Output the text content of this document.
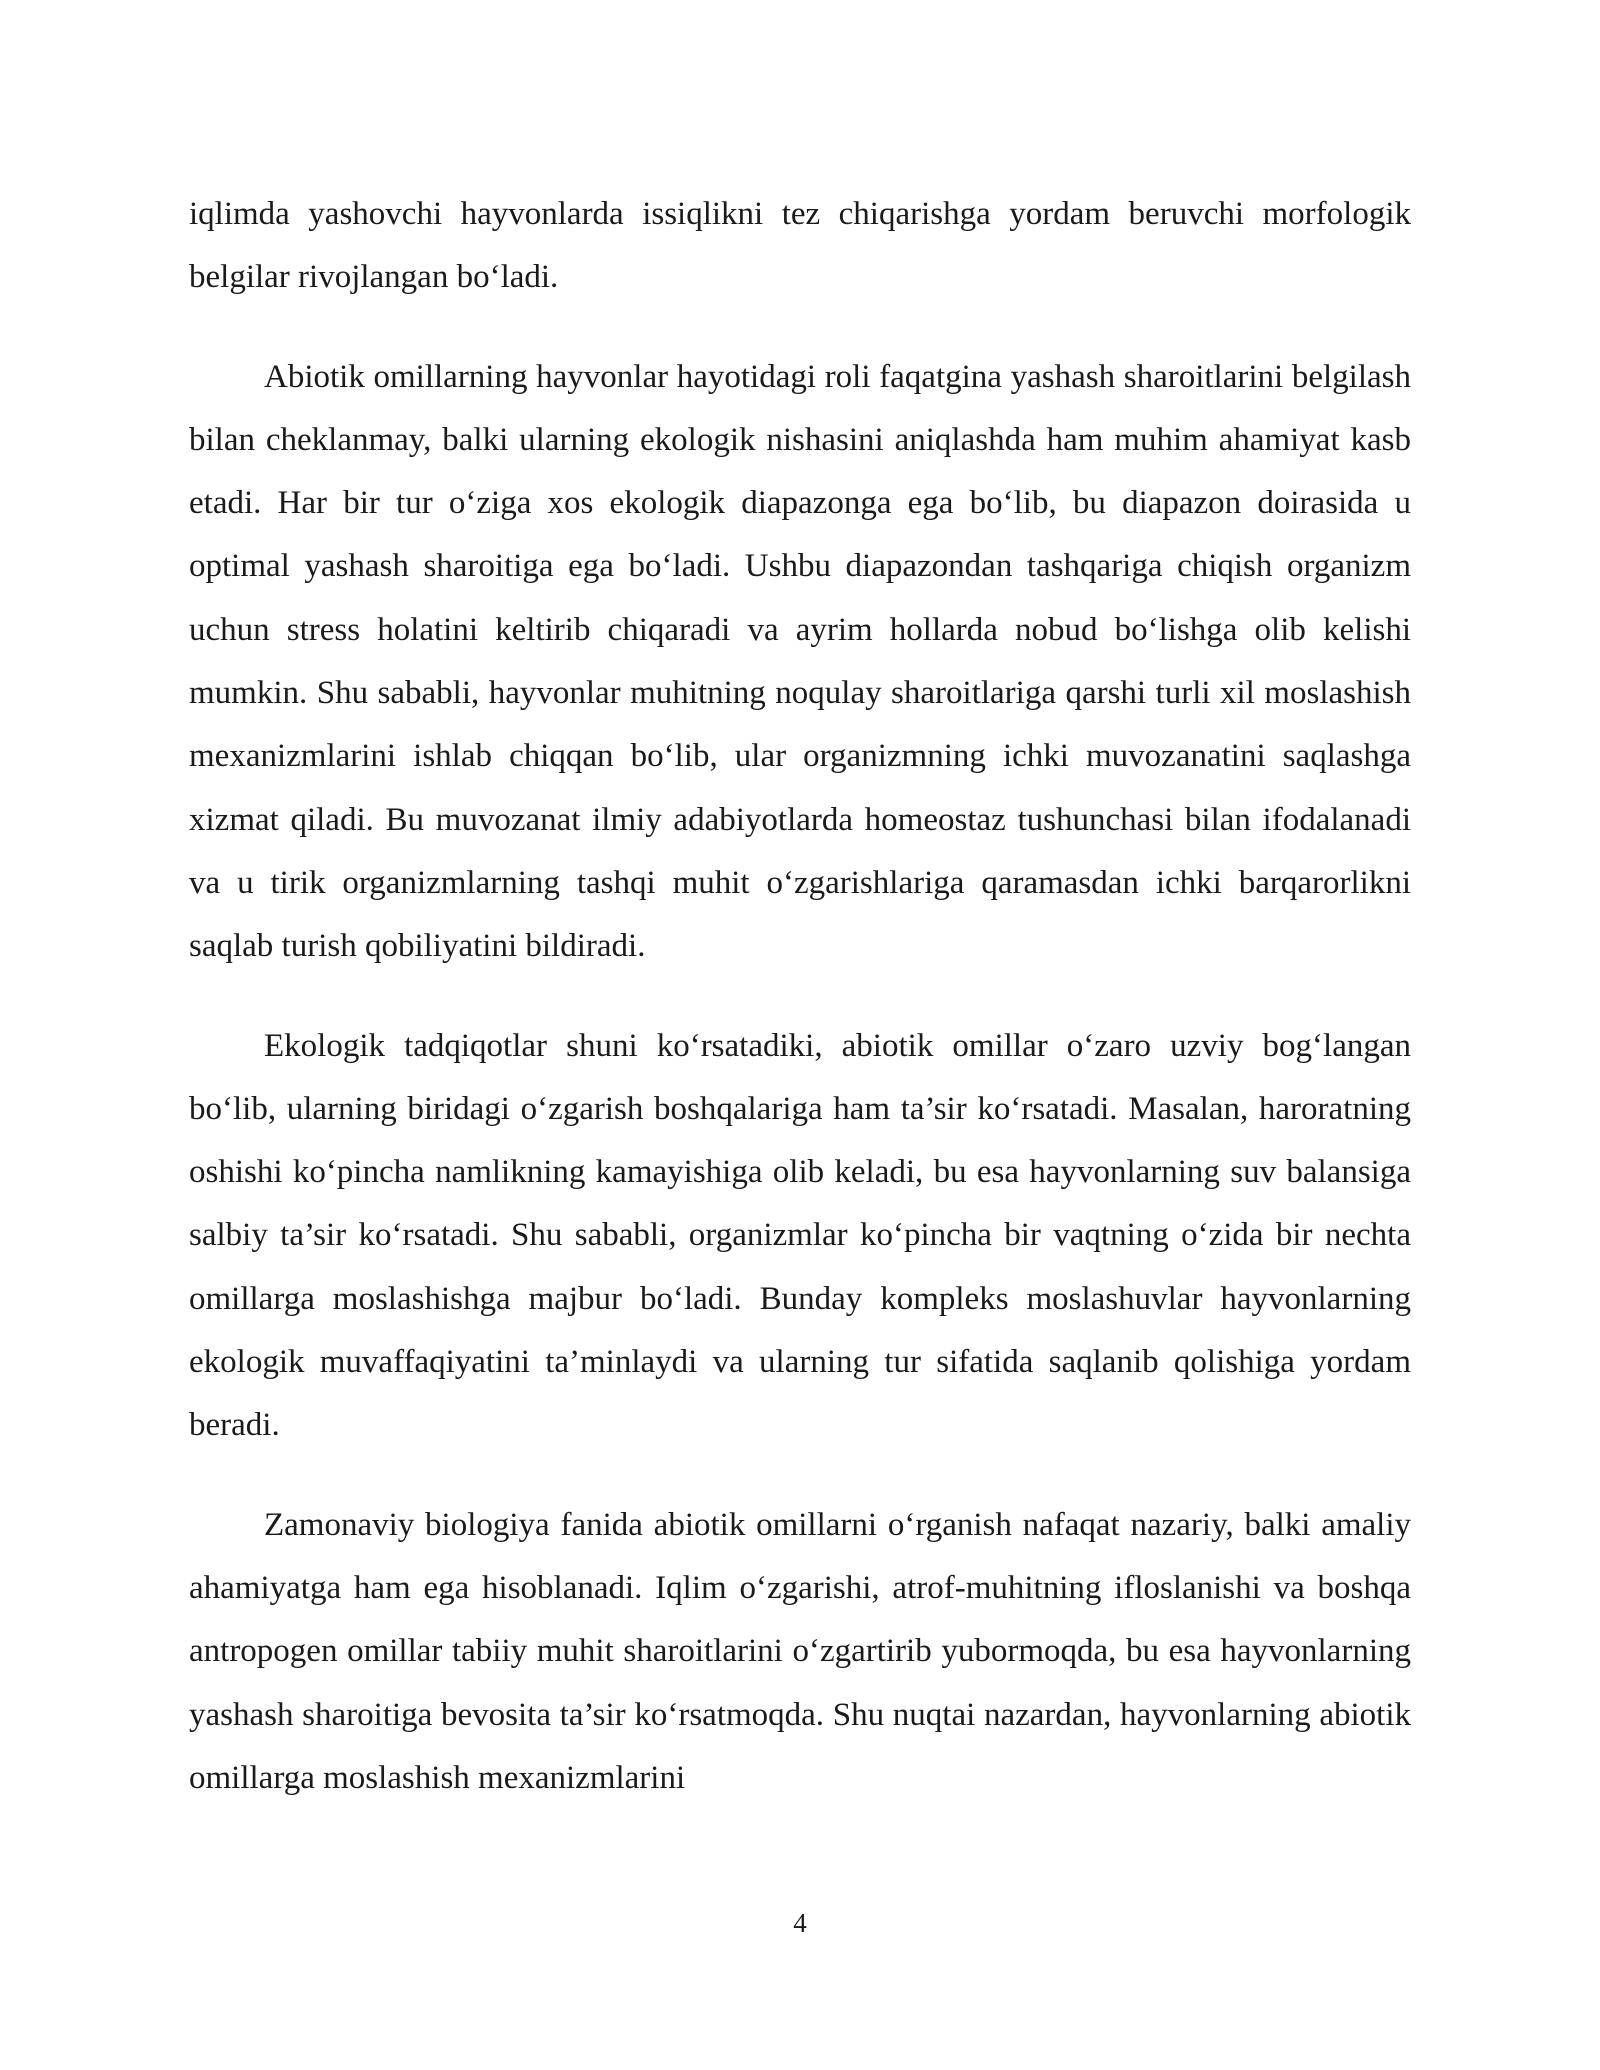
iqlimda yashovchi hayvonlarda issiqlikni tez chiqarishga yordam beruvchi morfologik belgilar rivojlangan bo‘ladi.

Abiotik omillarning hayvonlar hayotidagi roli faqatgina yashash sharoitlarini belgilash bilan cheklanmay, balki ularning ekologik nishasini aniqlashda ham muhim ahamiyat kasb etadi. Har bir tur o‘ziga xos ekologik diapazonga ega bo‘lib, bu diapazon doirasida u optimal yashash sharoitiga ega bo‘ladi. Ushbu diapazondan tashqariga chiqish organizm uchun stress holatini keltirib chiqaradi va ayrim hollarda nobud bo‘lishga olib kelishi mumkin. Shu sababli, hayvonlar muhitning noqulay sharoitlariga qarshi turli xil moslashish mexanizmlarini ishlab chiqqan bo‘lib, ular organizmning ichki muvozanatini saqlashga xizmat qiladi. Bu muvozanat ilmiy adabiyotlarda homeostaz tushunchasi bilan ifodalanadi va u tirik organizmlarning tashqi muhit o‘zgarishlariga qaramasdan ichki barqarorlikni saqlab turish qobiliyatini bildiradi.

Ekologik tadqiqotlar shuni ko‘rsatadiki, abiotik omillar o‘zaro uzviy bog‘langan bo‘lib, ularning biridagi o‘zgarish boshqalariga ham ta’sir ko‘rsatadi. Masalan, haroratning oshishi ko‘pincha namlikning kamayishiga olib keladi, bu esa hayvonlarning suv balansiga salbiy ta’sir ko‘rsatadi. Shu sababli, organizmlar ko‘pincha bir vaqtning o‘zida bir nechta omillarga moslashishga majbur bo‘ladi. Bunday kompleks moslashuvlar hayvonlarning ekologik muvaffaqiyatini ta’minlaydi va ularning tur sifatida saqlanib qolishiga yordam beradi.

Zamonaviy biologiya fanida abiotik omillarni o‘rganish nafaqat nazariy, balki amaliy ahamiyatga ham ega hisoblanadi. Iqlim o‘zgarishi, atrof-muhitning ifloslanishi va boshqa antropogen omillar tabiiy muhit sharoitlarini o‘zgartirib yubormoqda, bu esa hayvonlarning yashash sharoitiga bevosita ta’sir ko‘rsatmoqda. Shu nuqtai nazardan, hayvonlarning abiotik omillarga moslashish mexanizmlarini

4
